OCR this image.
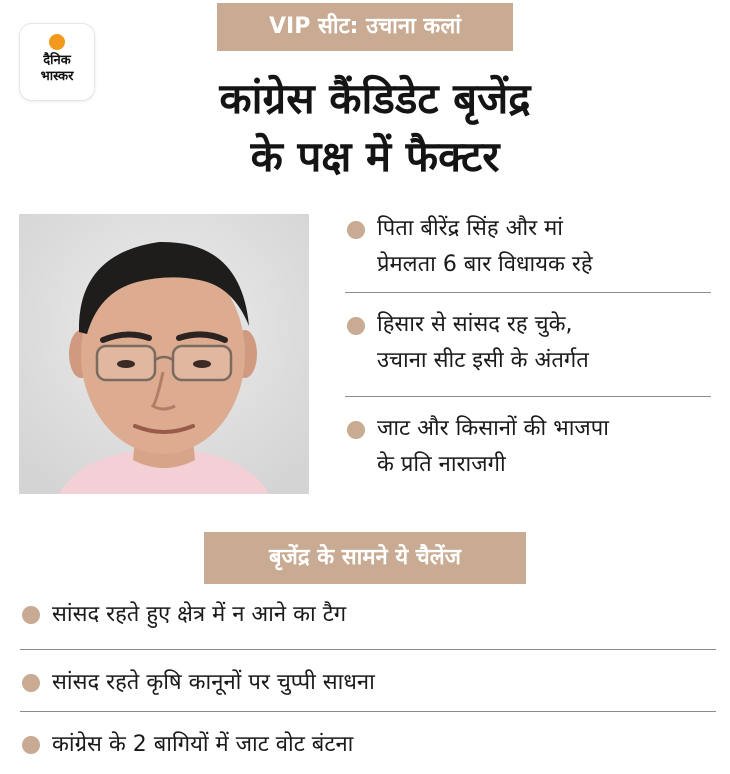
दैनिक
भास्कर
VIP सीट: उचाना कलां
कांग्रेस कैंडिडेट बृजेंद्र
के पक्ष में फैक्टर
पिता बीरेंद्र सिंह और मां
प्रेमलता 6 बार विधायक रहे
हिसार से सांसद रह चुके,
उचाना सीट इसी के अंतर्गत
जाट और किसानों की भाजपा
के प्रति नाराजगी
बृजेंद्र के सामने ये चैलेंज
सांसद रहते हुए क्षेत्र में न आने का टैग
सांसद रहते कृषि कानूनों पर चुप्पी साधना
कांग्रेस के 2 बागियों में जाट वोट बंटना
